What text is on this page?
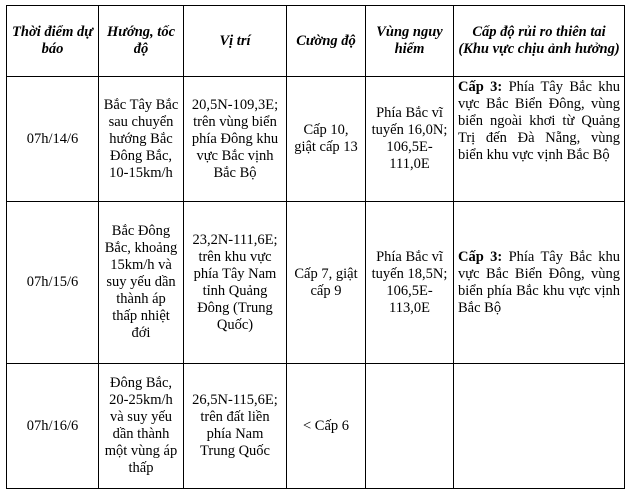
Thời điểm dự báo	Hướng, tốc độ	Vị trí	Cường độ	Vùng nguy hiểm	Cấp độ rủi ro thiên tai (Khu vực chịu ảnh hưởng)
07h/14/6	Bắc Tây Bắc sau chuyển hướng Bắc Đông Bắc, 10-15km/h	20,5N-109,3E; trên vùng biển phía Đông khu vực Bắc vịnh Bắc Bộ	Cấp 10, giật cấp 13	Phía Bắc vĩ tuyến 16,0N; 106,5E-111,0E	Cấp 3: Phía Tây Bắc khu vực Bắc Biển Đông, vùng biển ngoài khơi từ Quảng Trị đến Đà Nẵng, vùng biển khu vực vịnh Bắc Bộ
07h/15/6	Bắc Đông Bắc, khoảng 15km/h và suy yếu dần thành áp thấp nhiệt đới	23,2N-111,6E; trên khu vực phía Tây Nam tỉnh Quảng Đông (Trung Quốc)	Cấp 7, giật cấp 9	Phía Bắc vĩ tuyến 18,5N; 106,5E-113,0E	Cấp 3: Phía Tây Bắc khu vực Bắc Biển Đông, vùng biển phía Bắc khu vực vịnh Bắc Bộ
07h/16/6	Đông Bắc, 20-25km/h và suy yếu dần thành một vùng áp thấp	26,5N-115,6E; trên đất liền phía Nam Trung Quốc	< Cấp 6		
